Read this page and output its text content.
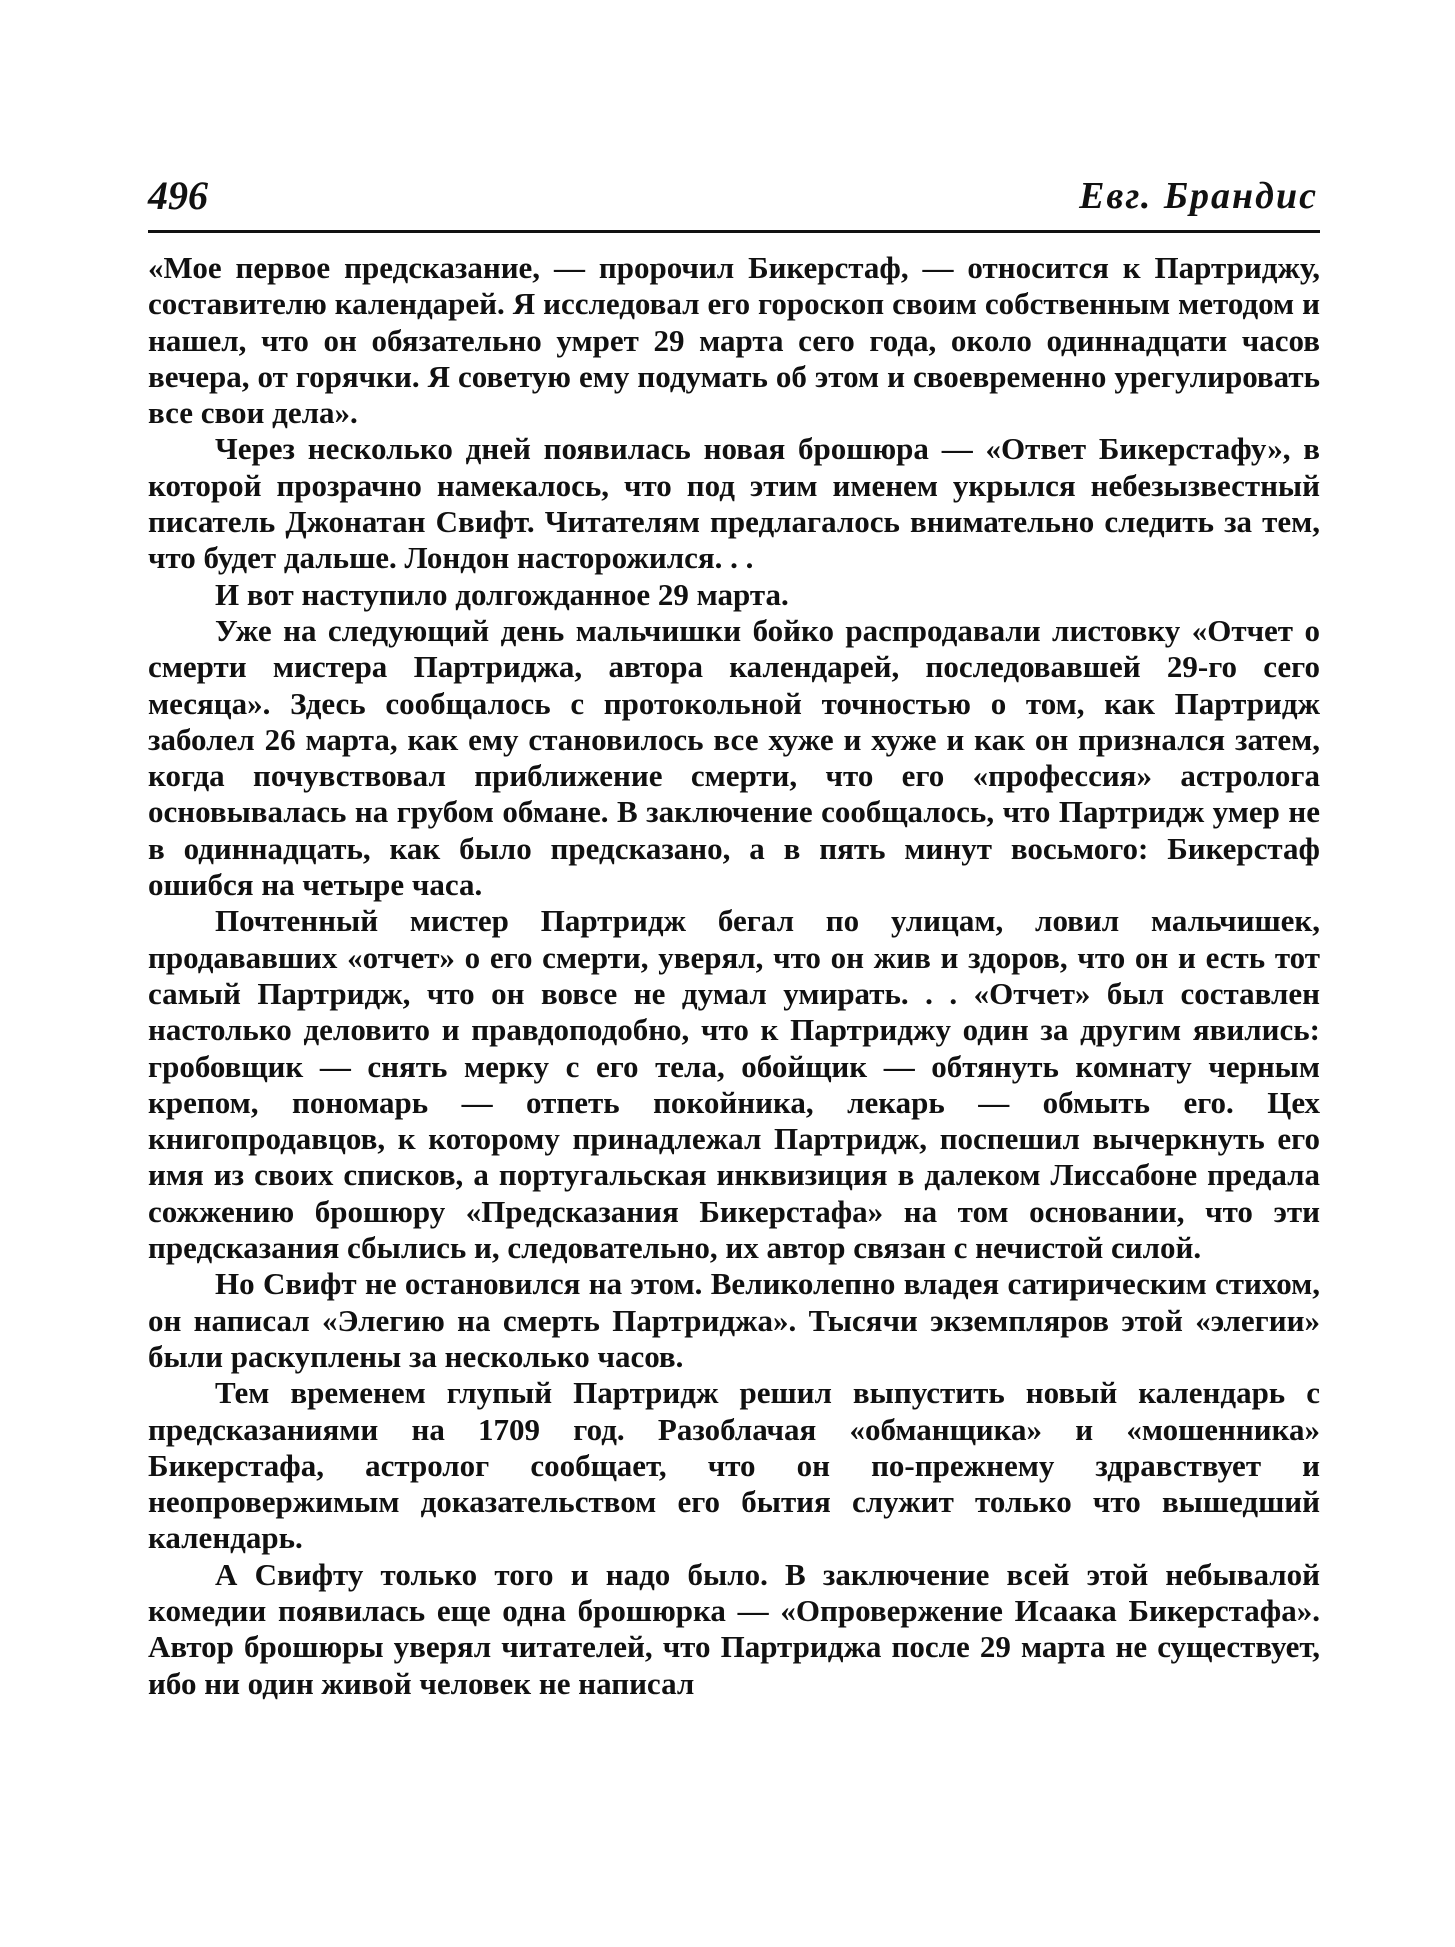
496	Евг. Брандис

«Мое первое предсказание, — пророчил Бикерстаф, — относится к Партриджу, составителю календарей. Я исследовал его гороскоп своим собственным методом и нашел, что он обязательно умрет 29 марта сего года, около одиннадцати часов вечера, от горячки. Я советую ему подумать об этом и своевременно урегулировать все свои дела».

Через несколько дней появилась новая брошюра — «Ответ Бикерстафу», в которой прозрачно намекалось, что под этим именем укрылся небезызвестный писатель Джонатан Свифт. Читателям предлагалось внимательно следить за тем, что будет дальше. Лондон насторожился. . .

И вот наступило долгожданное 29 марта.

Уже на следующий день мальчишки бойко распродавали листовку «Отчет о смерти мистера Партриджа, автора календарей, последовавшей 29-го сего месяца». Здесь сообщалось с протокольной точностью о том, как Партридж заболел 26 марта, как ему становилось все хуже и хуже и как он признался затем, когда почувствовал приближение смерти, что его «профессия» астролога основывалась на грубом обмане. В заключение сообщалось, что Партридж умер не в одиннадцать, как было предсказано, а в пять минут восьмого: Бикерстаф ошибся на четыре часа.

Почтенный мистер Партридж бегал по улицам, ловил мальчишек, продававших «отчет» о его смерти, уверял, что он жив и здоров, что он и есть тот самый Партридж, что он вовсе не думал умирать. . . «Отчет» был составлен настолько деловито и правдоподобно, что к Партриджу один за другим явились: гробовщик — снять мерку с его тела, обойщик — обтянуть комнату черным крепом, пономарь — отпеть покойника, лекарь — обмыть его. Цех книгопродавцов, к которому принадлежал Партридж, поспешил вычеркнуть его имя из своих списков, а португальская инквизиция в далеком Лиссабоне предала сожжению брошюру «Предсказания Бикерстафа» на том основании, что эти предсказания сбылись и, следовательно, их автор связан с нечистой силой.

Но Свифт не остановился на этом. Великолепно владея сатирическим стихом, он написал «Элегию на смерть Партриджа». Тысячи экземпляров этой «элегии» были раскуплены за несколько часов.

Тем временем глупый Партридж решил выпустить новый календарь с предсказаниями на 1709 год. Разоблачая «обманщика» и «мошенника» Бикерстафа, астролог сообщает, что он по-прежнему здравствует и неопровержимым доказательством его бытия служит только что вышедший календарь.

А Свифту только того и надо было. В заключение всей этой небывалой комедии появилась еще одна брошюрка — «Опровержение Исаака Бикерстафа». Автор брошюры уверял читателей, что Партриджа после 29 марта не существует, ибо ни один живой человек не написал
